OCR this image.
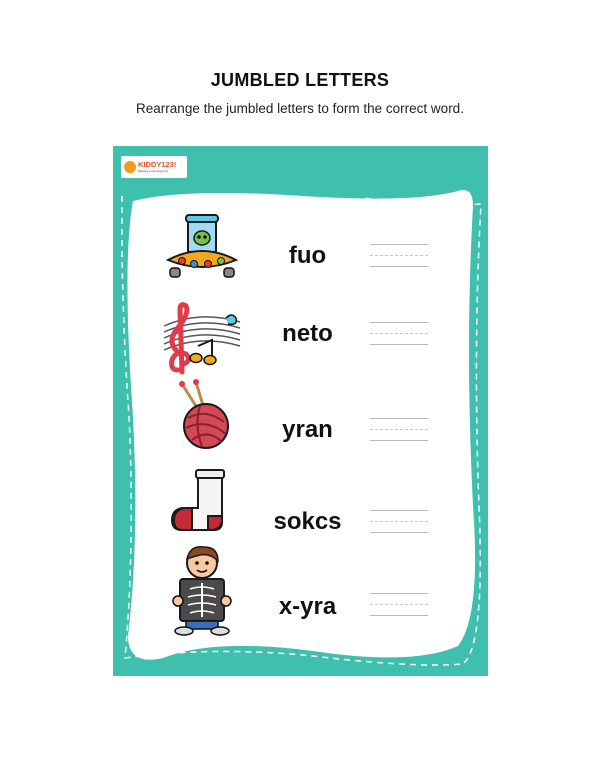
JUMBLED LETTERS
Rearrange the jumbled letters to form the correct word.
KIDDY123!
Making Learning Fun
fuo
neto
yran
sokcs
x-yra
